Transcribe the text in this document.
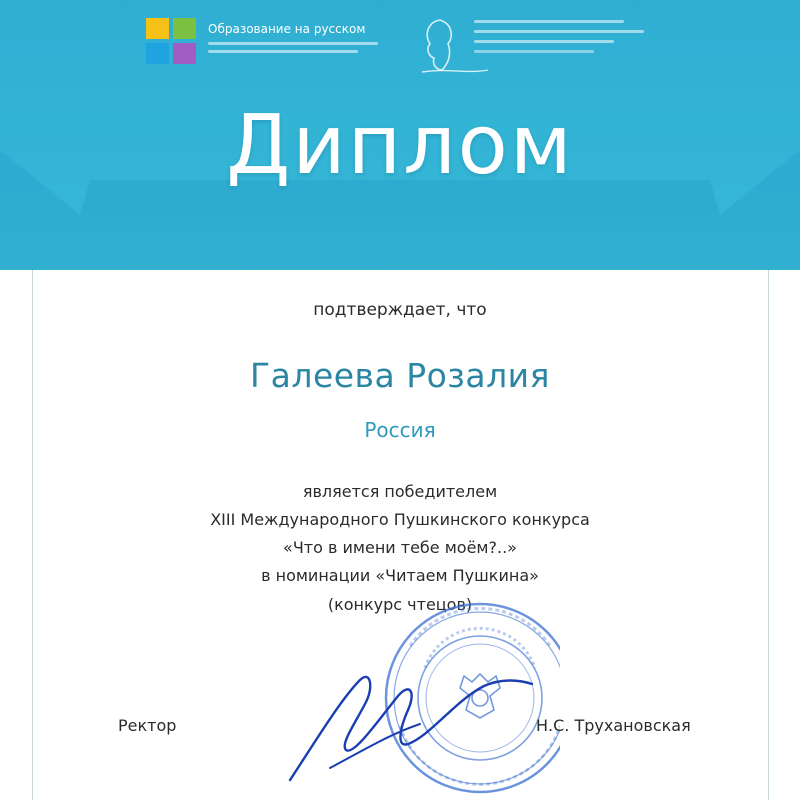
Образование на русском
Диплом
подтверждает, что
Галеева Розалия
Россия
является победителем
XIII Международного Пушкинского конкурса
«Что в имени тебе моём?..»
в номинации «Читаем Пушкина»
(конкурс чтецов)
Ректор	Н.С. Трухановская
